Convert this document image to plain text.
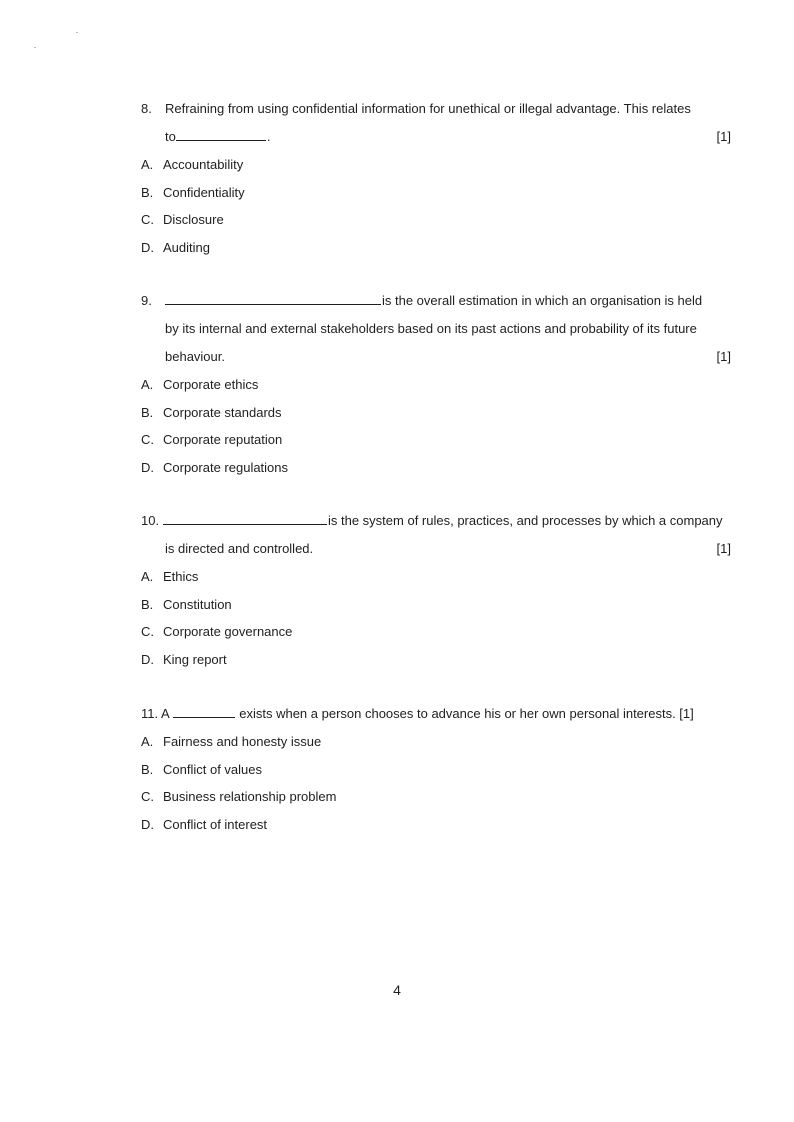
8. Refraining from using confidential information for unethical or illegal advantage. This relates
to	.	[1]
A. Accountability
B. Confidentiality
C. Disclosure
D. Auditing
9.	is the overall estimation in which an organisation is held
by its internal and external stakeholders based on its past actions and probability of its future
behaviour.	[1]
A. Corporate ethics
B. Corporate standards
C. Corporate reputation
D. Corporate regulations
10.	is the system of rules, practices, and processes by which a company
is directed and controlled.	[1]
A. Ethics
B. Constitution
C. Corporate governance
D. King report
11. A	exists when a person chooses to advance his or her own personal interests. [1]
A. Fairness and honesty issue
B. Conflict of values
C. Business relationship problem
D. Conflict of interest
4
